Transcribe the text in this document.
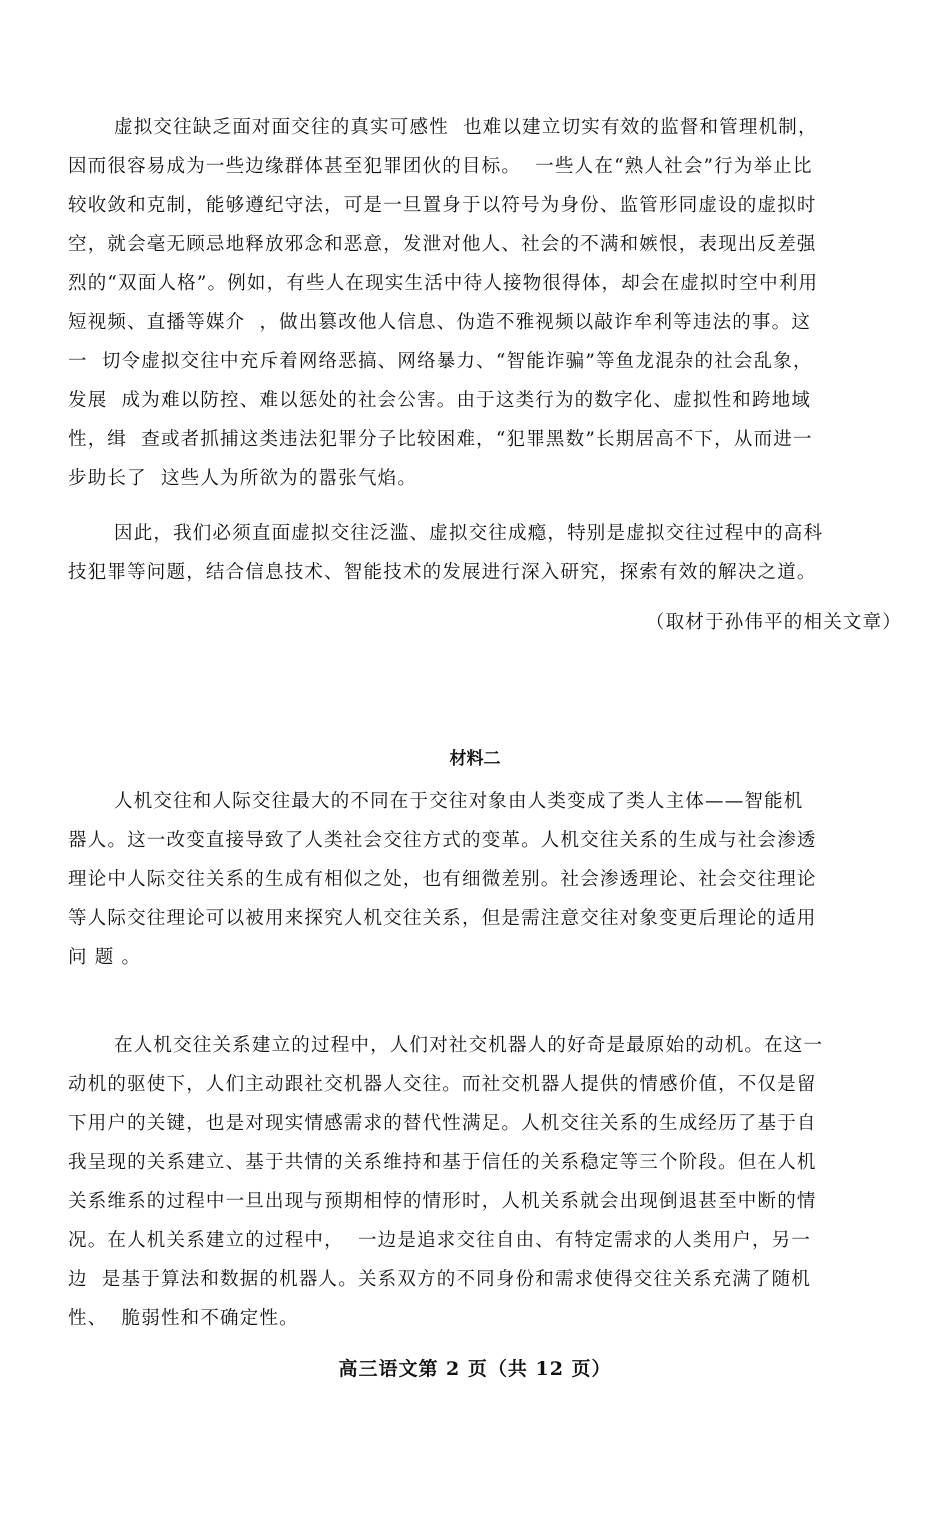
虚拟交往缺乏面对面交往的真实可感性  也难以建立切实有效的监督和管理机制，
因而很容易成为一些边缘群体甚至犯罪团伙的目标。  一些人在“熟人社会”行为举止比
较收敛和克制，能够遵纪守法，可是一旦置身于以符号为身份、监管形同虚设的虚拟时
空，就会毫无顾忌地释放邪念和恶意，发泄对他人、社会的不满和嫉恨，表现出反差强
烈的“双面人格”。例如，有些人在现实生活中待人接物很得体，却会在虚拟时空中利用
短视频、直播等媒介  ，做出篡改他人信息、伪造不雅视频以敲诈牟利等违法的事。这
一  切令虚拟交往中充斥着网络恶搞、网络暴力、“智能诈骗”等鱼龙混杂的社会乱象，
发展  成为难以防控、难以惩处的社会公害。由于这类行为的数字化、虚拟性和跨地域
性，缉  查或者抓捕这类违法犯罪分子比较困难，“犯罪黑数”长期居高不下，从而进一
步助长了  这些人为所欲为的嚣张气焰。
因此，我们必须直面虚拟交往泛滥、虚拟交往成瘾，特别是虚拟交往过程中的高科
技犯罪等问题，结合信息技术、智能技术的发展进行深入研究，探索有效的解决之道。
（取材于孙伟平的相关文章）
材料二
人机交往和人际交往最大的不同在于交往对象由人类变成了类人主体——智能机
器人。这一改变直接导致了人类社会交往方式的变革。人机交往关系的生成与社会渗透
理论中人际交往关系的生成有相似之处，也有细微差别。社会渗透理论、社会交往理论
等人际交往理论可以被用来探究人机交往关系，但是需注意交往对象变更后理论的适用
问 题 。
在人机交往关系建立的过程中，人们对社交机器人的好奇是最原始的动机。在这一
动机的驱使下，人们主动跟社交机器人交往。而社交机器人提供的情感价值，不仅是留
下用户的关键，也是对现实情感需求的替代性满足。人机交往关系的生成经历了基于自
我呈现的关系建立、基于共情的关系维持和基于信任的关系稳定等三个阶段。但在人机
关系维系的过程中一旦出现与预期相悖的情形时，人机关系就会出现倒退甚至中断的情
况。在人机关系建立的过程中，  一边是追求交往自由、有特定需求的人类用户，另一
边  是基于算法和数据的机器人。关系双方的不同身份和需求使得交往关系充满了随机
性、  脆弱性和不确定性。
高三语文第 2 页（共 12 页）
